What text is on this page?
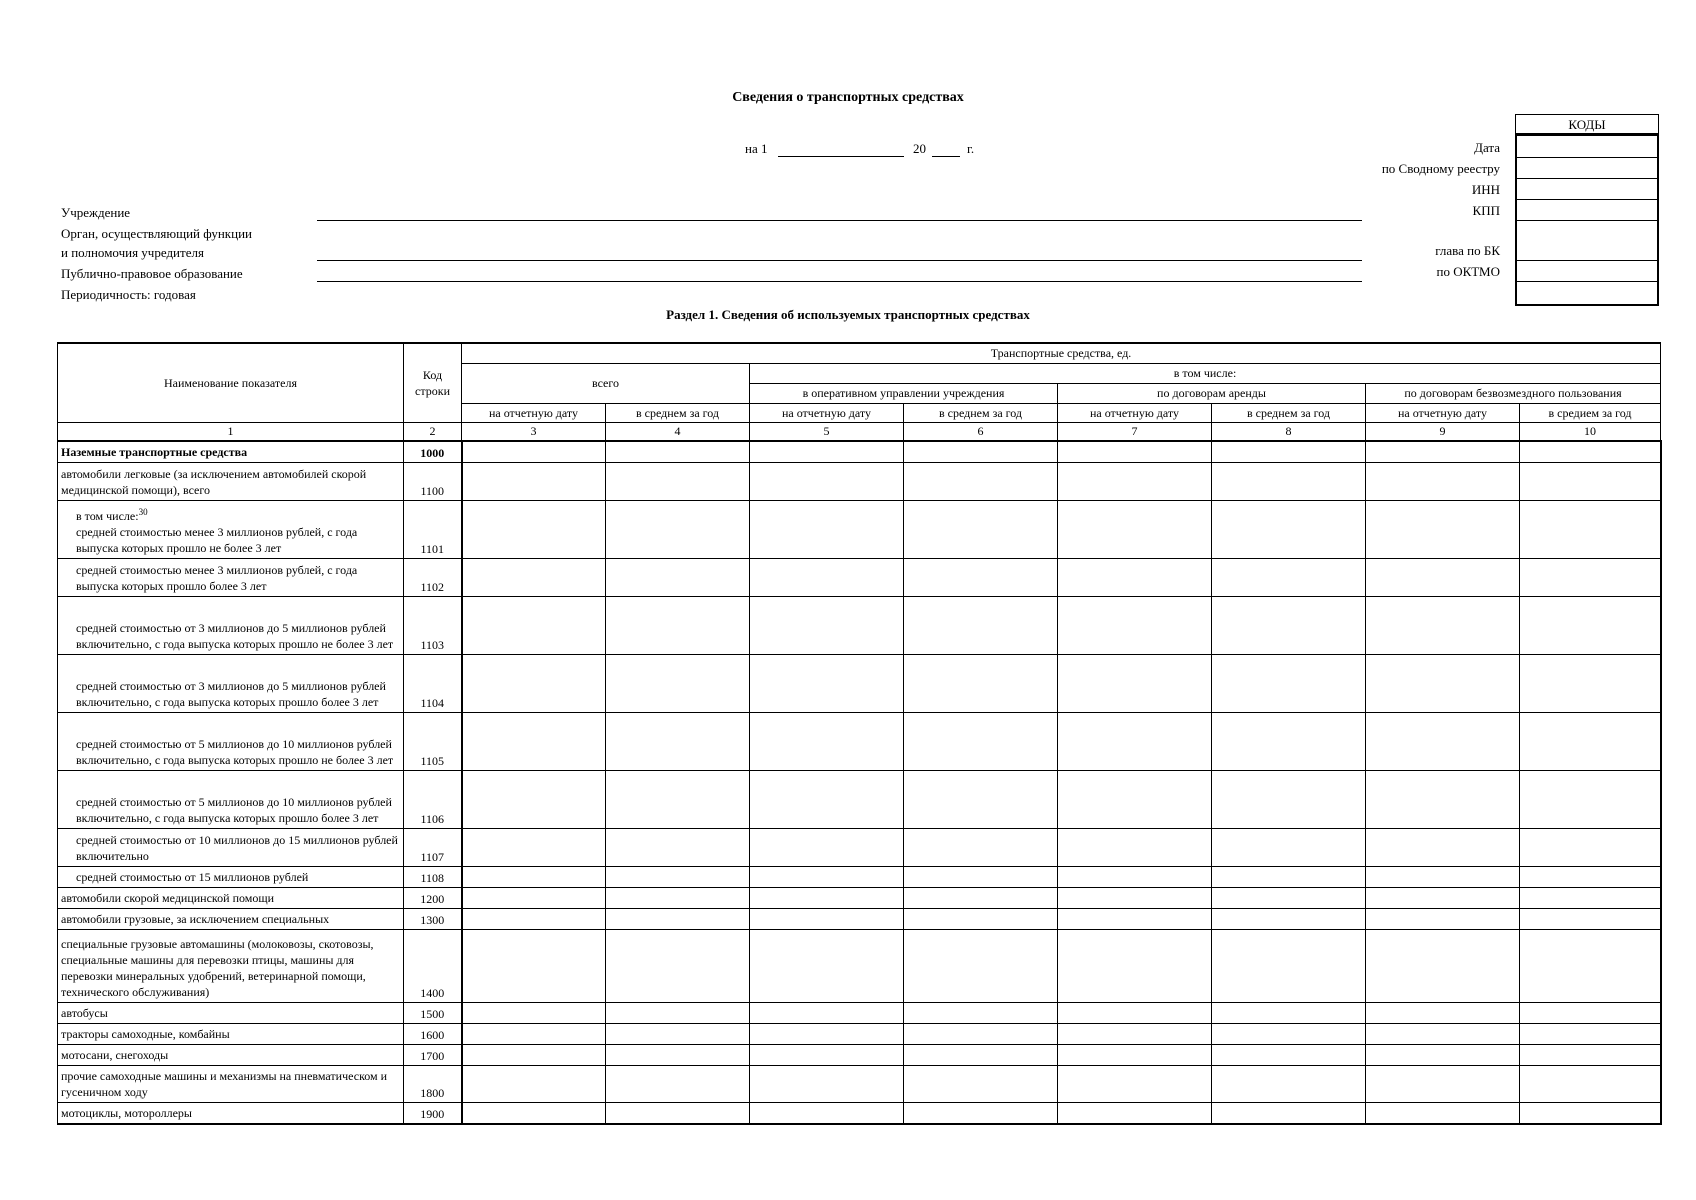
Сведения о транспортных средствах
на 1	20	г.
КОДЫ
Дата
по Сводному реестру
ИНН
КПП
глава по БК
по ОКТМО
Учреждение
Орган, осуществляющий функции
и полномочия учредителя
Публично-правовое образование
Периодичность: годовая
Раздел 1. Сведения об используемых транспортных средствах
Наименование показателя	Код строки	Транспортные средства, ед.							
		всего		в том числе:					
				в оперативном управлении учреждения		по договорам аренды		по договорам безвозмездного пользования	
		на отчетную дату	в среднем за год	на отчетную дату	в среднем за год	на отчетную дату	в среднем за год	на отчетную дату	в средием за год
1	2	3	4	5	6	7	8	9	10

Наземные транспортные средства	1000								

автомобили легковые (за исключением автомобилей скорой медицинской помощи), всего	1100								

в том числе:$^{30}$
средней стоимостью менее 3 миллионов рублей, с года выпуска которых прошло не более 3 лет	1101								

средней стоимостью менее 3 миллионов рублей, с года выпуска которых прошло более 3 лет	1102								

средней стоимостью от 3 миллионов до 5 миллионов рублей включительно, с года выпуска которых прошло не более 3 лет	1103								

средней стоимостью от 3 миллионов до 5 миллионов рублей включительно, с года выпуска которых прошло более 3 лет	1104								

средней стоимостью от 5 миллионов до 10 миллионов рублей включительно, с года выпуска которых прошло не более 3 лет	1105								

средней стоимостью от 5 миллионов до 10 миллионов рублей включительно, с года выпуска которых прошло более 3 лет	1106								

средней стоимостью от 10 миллионов до 15 миллионов рублей включительно	1107								

средней стоимостью от 15 миллионов рублей	1108								

автомобили скорой медицинской помощи	1200								

автомобили грузовые, за исключением специальных	1300								

специальные грузовые автомашины (молоковозы, скотовозы, специальные машины для перевозки птицы, машины для перевозки минеральных удобрений, ветеринарной помощи, технического обслуживания)	1400								

автобусы	1500								

тракторы самоходные, комбайны	1600								

мотосани, снегоходы	1700								

прочие самоходные машины и механизмы на пневматическом и гусеничном ходу	1800								

мотоциклы, мотороллеры	1900								
